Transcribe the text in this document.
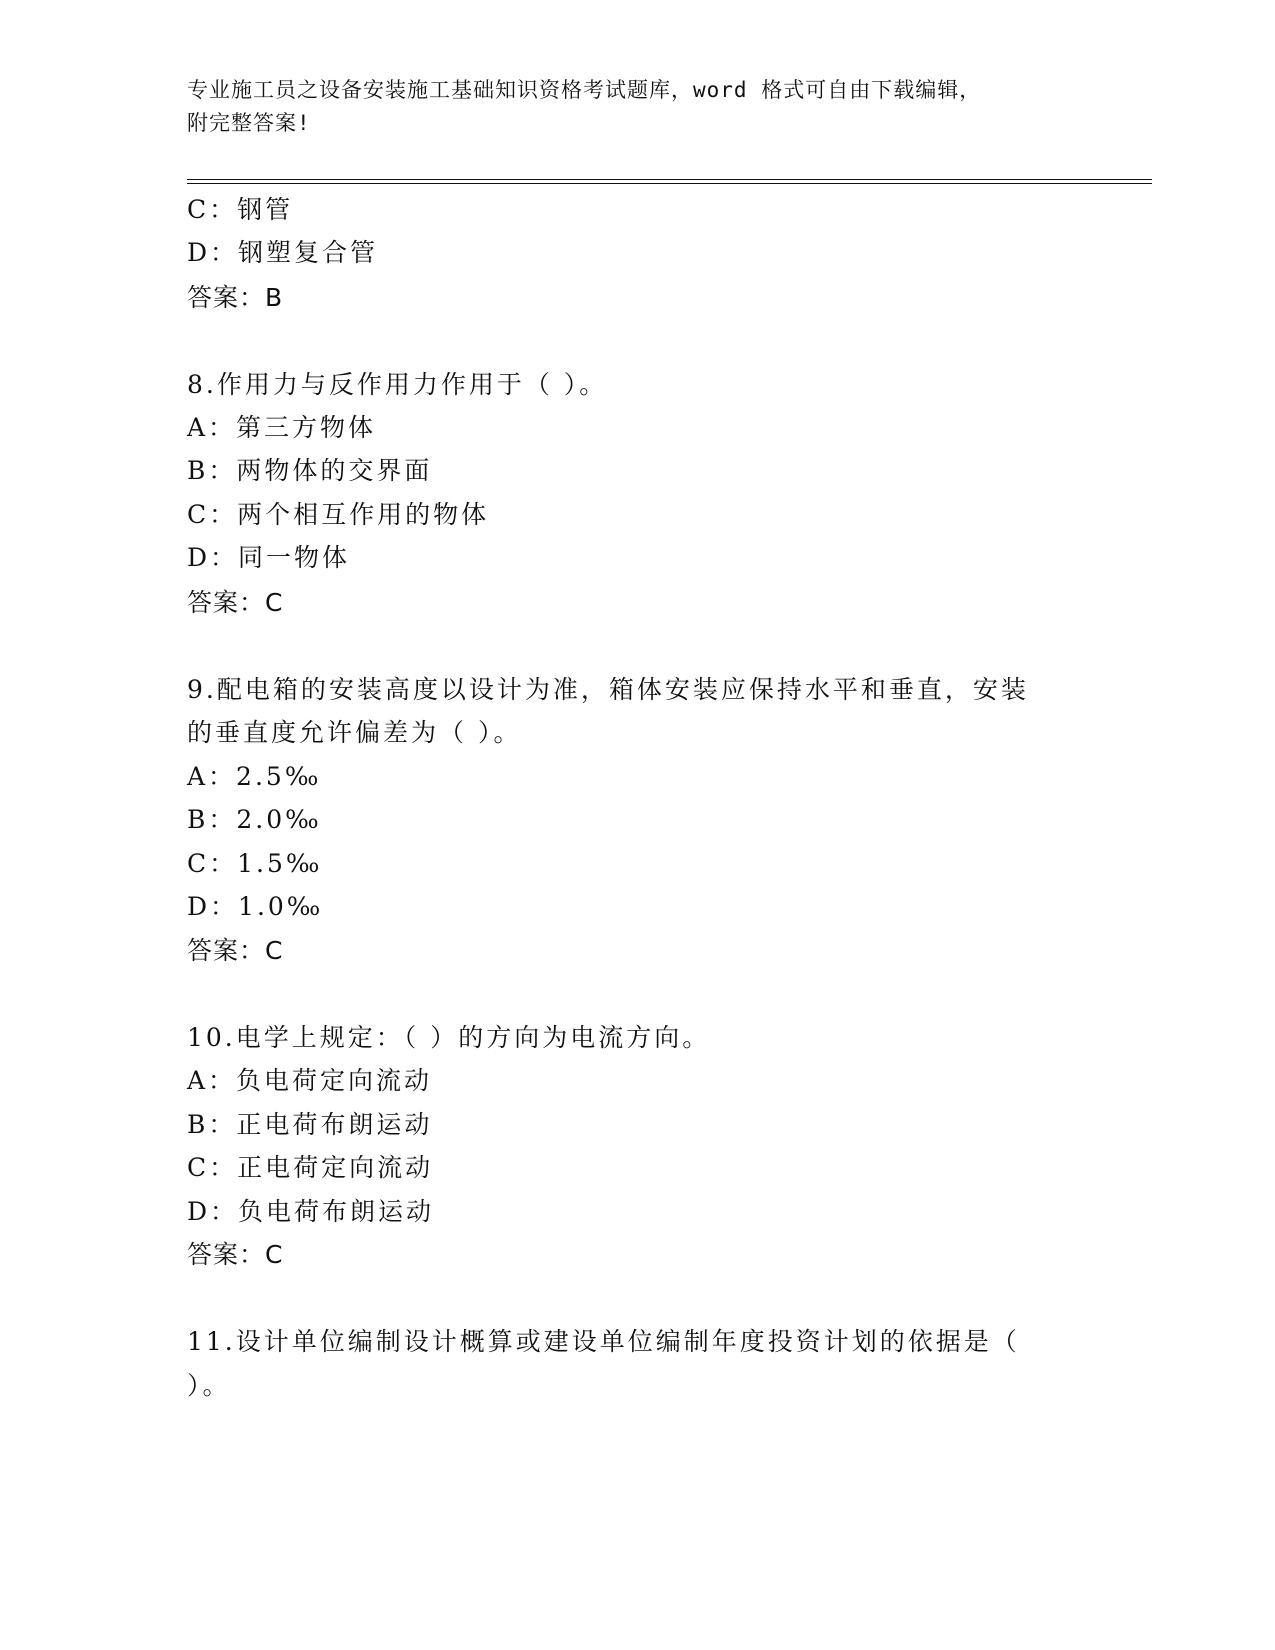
专业施工员之设备安装施工基础知识资格考试题库，word 格式可自由下载编辑，
附完整答案!
C：钢管
D：钢塑复合管
答案：B
8.作用力与反作用力作用于（ ）。
A：第三方物体
B：两物体的交界面
C：两个相互作用的物体
D：同一物体
答案：C
9.配电箱的安装高度以设计为准，箱体安装应保持水平和垂直，安装
的垂直度允许偏差为（ ）。
A：2.5‰
B：2.0‰
C：1.5‰
D：1.0‰
答案：C
10.电学上规定：（ ）的方向为电流方向。
A：负电荷定向流动
B：正电荷布朗运动
C：正电荷定向流动
D：负电荷布朗运动
答案：C
11.设计单位编制设计概算或建设单位编制年度投资计划的依据是（
）。
